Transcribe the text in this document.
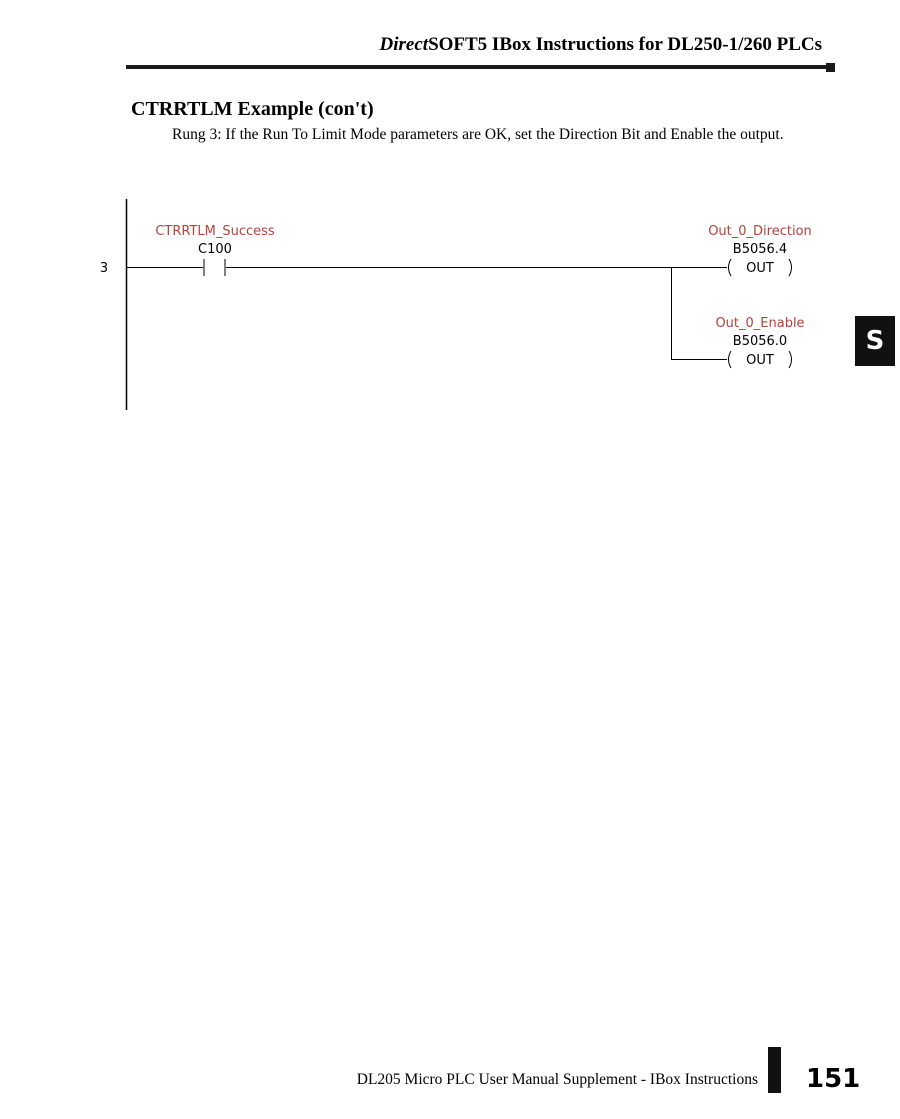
DirectSOFT5 IBox Instructions for DL250-1/260 PLCs
CTRRTLM Example (con't)
Rung 3: If the Run To Limit Mode parameters are OK, set the Direction Bit and Enable the output.
3
CTRRTLM_Success
C100
Out_0_Direction
B5056.4
OUT
Out_0_Enable
B5056.0
OUT
S
DL205 Micro PLC User Manual Supplement - IBox Instructions 151
